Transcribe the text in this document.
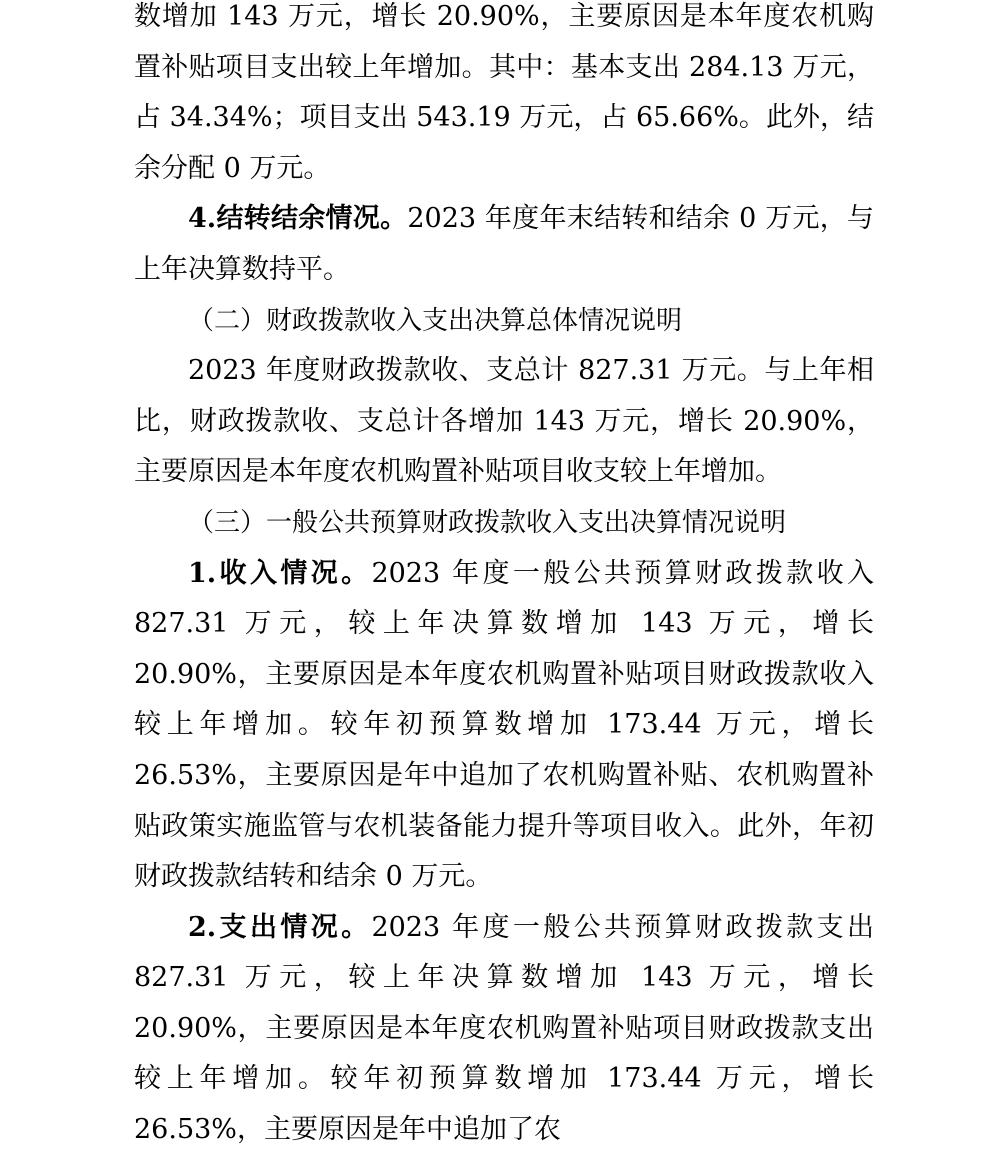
数增加 143 万元，增长 20.90%，主要原因是本年度农机购置补贴项目支出较上年增加。其中：基本支出 284.13 万元，占 34.34%；项目支出 543.19 万元，占 65.66%。此外，结余分配 0 万元。

4.结转结余情况。2023 年度年末结转和结余 0 万元，与上年决算数持平。

（二）财政拨款收入支出决算总体情况说明

2023 年度财政拨款收、支总计 827.31 万元。与上年相比，财政拨款收、支总计各增加 143 万元，增长 20.90%，主要原因是本年度农机购置补贴项目收支较上年增加。

（三）一般公共预算财政拨款收入支出决算情况说明

1.收入情况。2023 年度一般公共预算财政拨款收入 827.31 万元，较上年决算数增加 143 万元，增长 20.90%，主要原因是本年度农机购置补贴项目财政拨款收入较上年增加。较年初预算数增加 173.44 万元，增长 26.53%，主要原因是年中追加了农机购置补贴、农机购置补贴政策实施监管与农机装备能力提升等项目收入。此外，年初财政拨款结转和结余 0 万元。

2.支出情况。2023 年度一般公共预算财政拨款支出 827.31 万元，较上年决算数增加 143 万元，增长 20.90%，主要原因是本年度农机购置补贴项目财政拨款支出较上年增加。较年初预算数增加 173.44 万元，增长 26.53%，主要原因是年中追加了农
